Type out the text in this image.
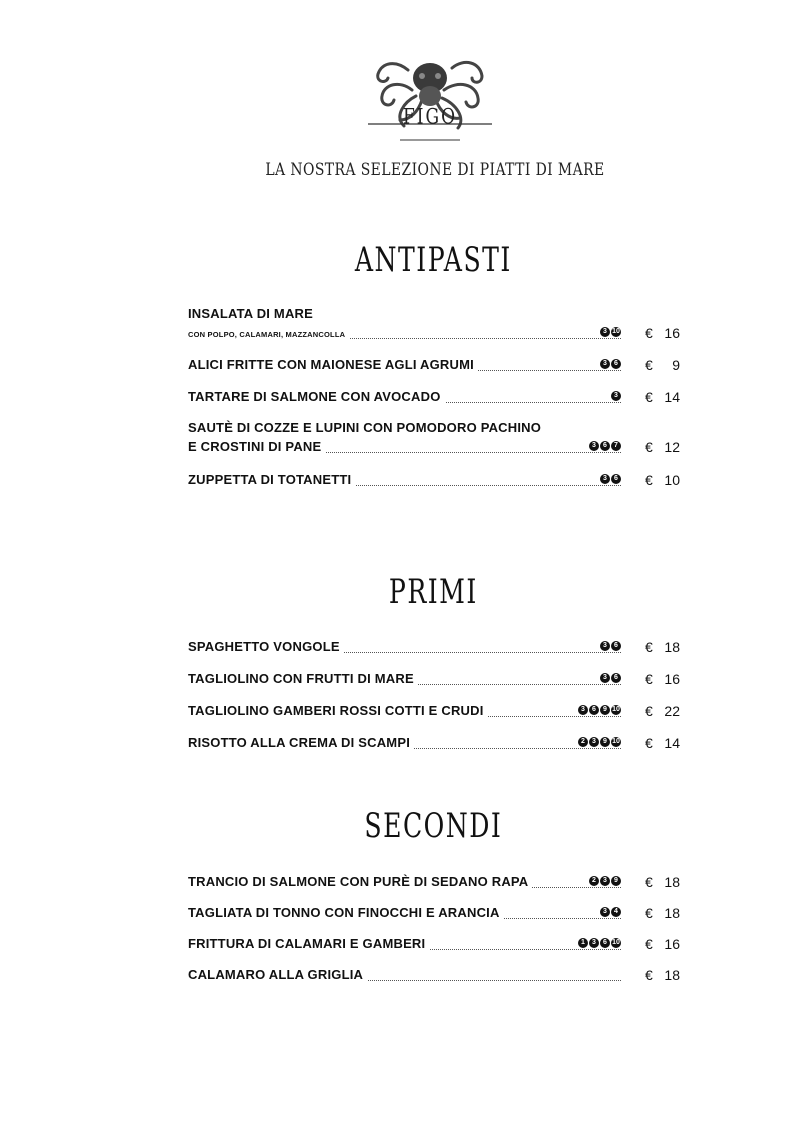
FIGO
LA NOSTRA SELEZIONE DI PIATTI DI MARE
ANTIPASTI
INSALATA DI MARE
CON POLPO, CALAMARI, MAZZANCOLLA	3 10 € 16
ALICI FRITTE CON MAIONESE AGLI AGRUMI	3	6 € 9
TARTARE DI SALMONE CON AVOCADO	3 € 14
SAUTÈ DI COZZE E LUPINI CON POMODORO PACHINO
E CROSTINI DI PANE	3	6	7 € 12
ZUPPETTA DI TOTANETTI	3	6 € 10
PRIMI
SPAGHETTO VONGOLE	3	6 € 18
TAGLIOLINO CON FRUTTI DI MARE	3	6 € 16
TAGLIOLINO GAMBERI ROSSI COTTI E CRUDI	3	6	9 10 € 22
RISOTTO ALLA CREMA DI SCAMPI	2	3	9 10 € 14
SECONDI
TRANCIO DI SALMONE CON PURÈ DI SEDANO RAPA	2	3	9 € 18
TAGLIATA DI TONNO CON FINOCCHI E ARANCIA	3	4 € 18
FRITTURA DI CALAMARI E GAMBERI	1	3	6 10 € 16
CALAMARO ALLA GRIGLIA	€ 18
